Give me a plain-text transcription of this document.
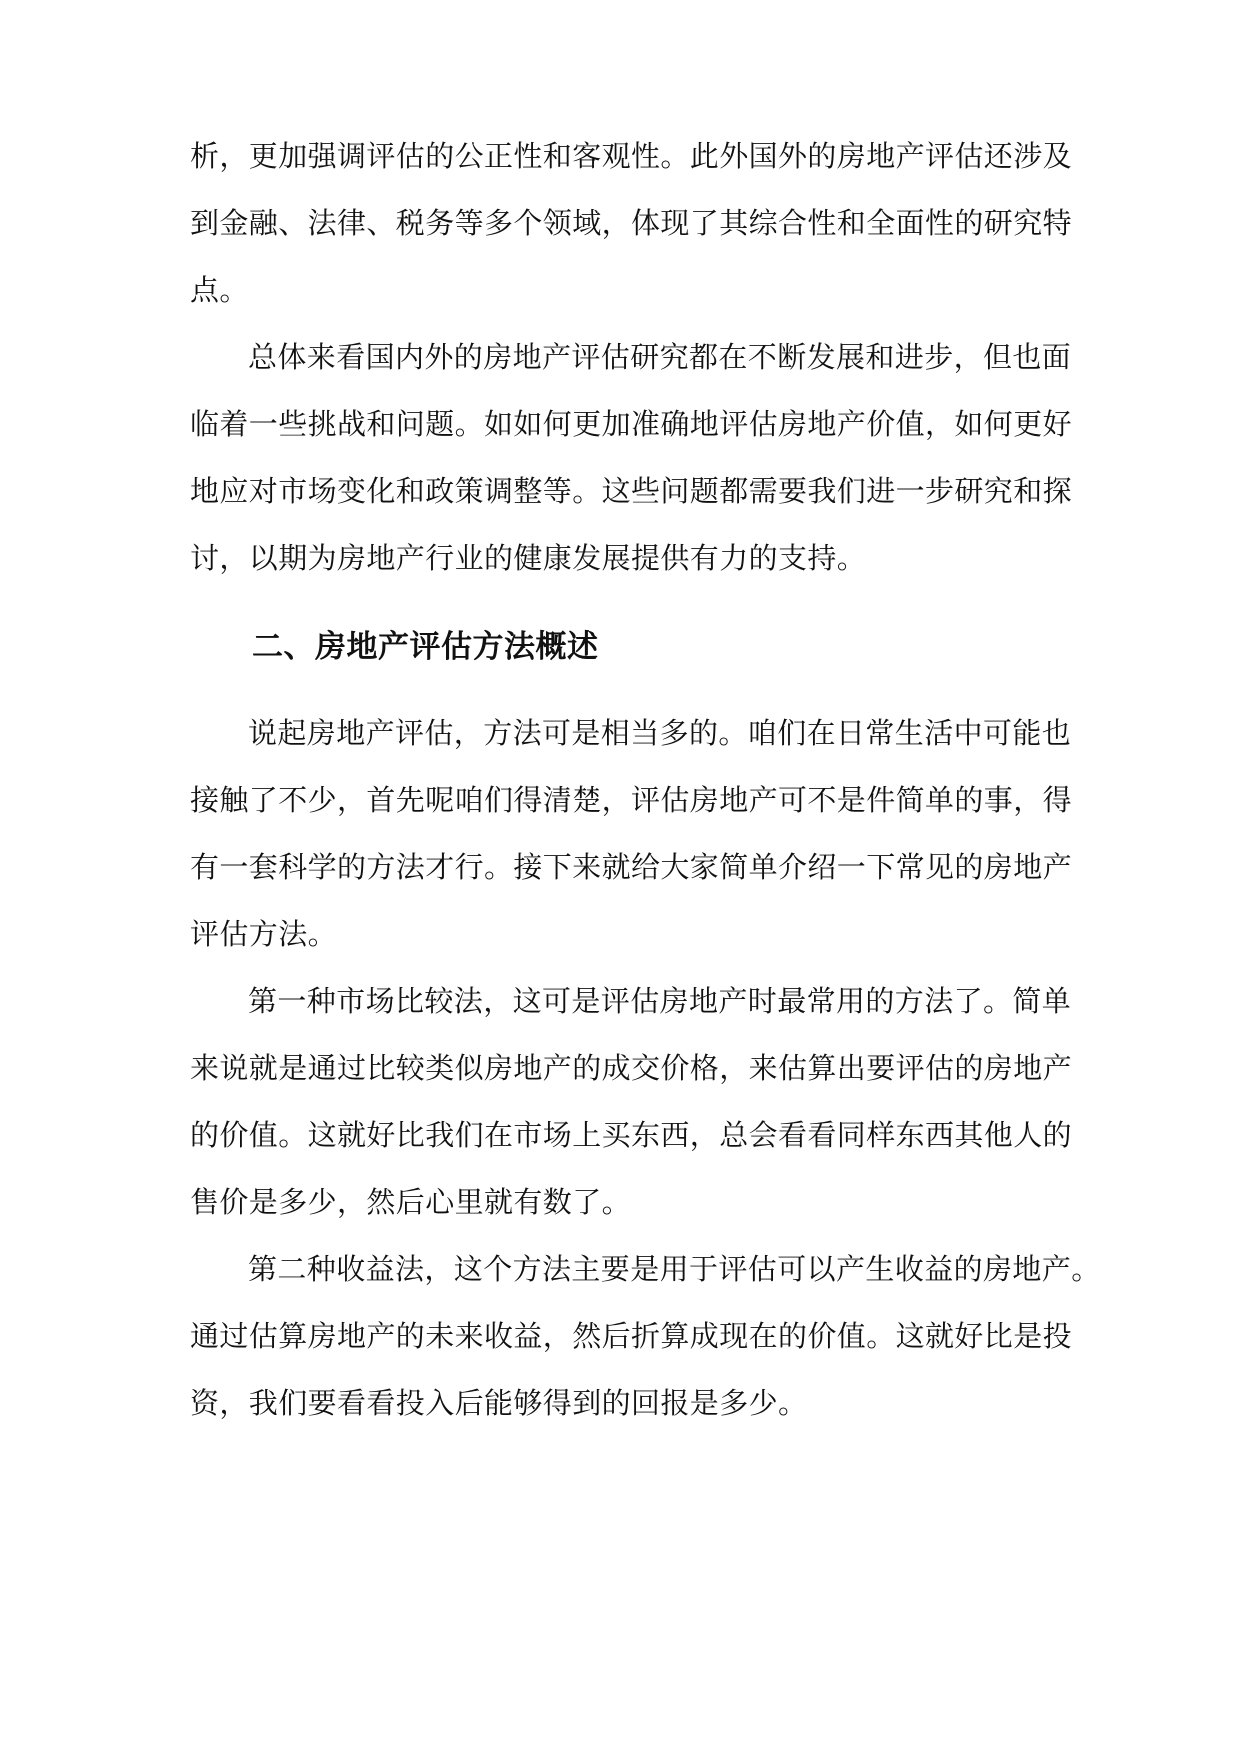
析，更加强调评估的公正性和客观性。此外国外的房地产评估还涉及
到金融、法律、税务等多个领域，体现了其综合性和全面性的研究特
点。
总体来看国内外的房地产评估研究都在不断发展和进步，但也面
临着一些挑战和问题。如如何更加准确地评估房地产价值，如何更好
地应对市场变化和政策调整等。这些问题都需要我们进一步研究和探
讨，以期为房地产行业的健康发展提供有力的支持。
二、房地产评估方法概述
说起房地产评估，方法可是相当多的。咱们在日常生活中可能也
接触了不少，首先呢咱们得清楚，评估房地产可不是件简单的事，得
有一套科学的方法才行。接下来就给大家简单介绍一下常见的房地产
评估方法。
第一种市场比较法，这可是评估房地产时最常用的方法了。简单
来说就是通过比较类似房地产的成交价格，来估算出要评估的房地产
的价值。这就好比我们在市场上买东西，总会看看同样东西其他人的
售价是多少，然后心里就有数了。
第二种收益法，这个方法主要是用于评估可以产生收益的房地产。
通过估算房地产的未来收益，然后折算成现在的价值。这就好比是投
资，我们要看看投入后能够得到的回报是多少。
